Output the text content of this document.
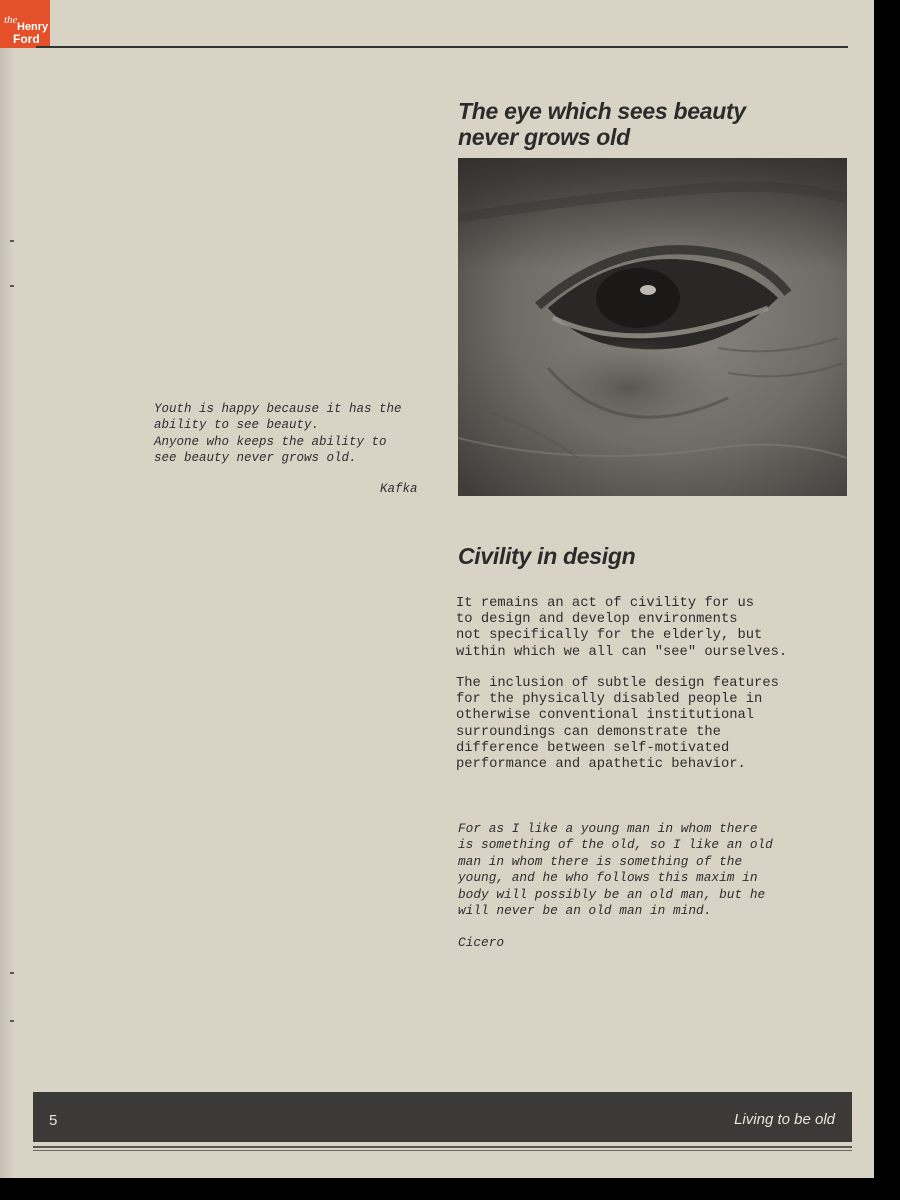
the
Henry
Ford
The eye which sees beauty
never grows old
Youth is happy because it has the
ability to see beauty.
Anyone who keeps the ability to
see beauty never grows old.
Kafka
Civility in design
It remains an act of civility for us
to design and develop environments
not specifically for the elderly, but
within which we all can "see" ourselves.
The inclusion of subtle design features
for the physically disabled people in
otherwise conventional institutional
surroundings can demonstrate the
difference between self-motivated
performance and apathetic behavior.
For as I like a young man in whom there
is something of the old, so I like an old
man in whom there is something of the
young, and he who follows this maxim in
body will possibly be an old man, but he
will never be an old man in mind.
Cicero
5	Living to be old
